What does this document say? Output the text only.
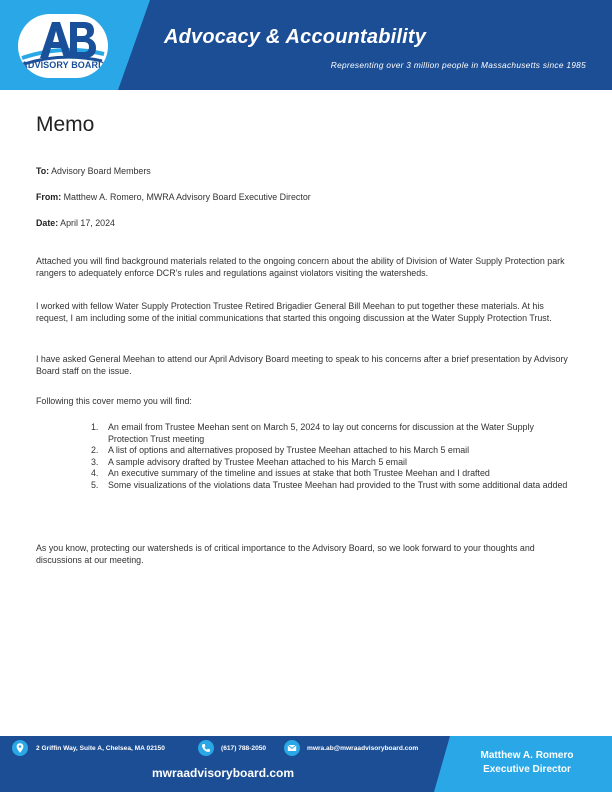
ADVISORY BOARD
Advocacy & Accountability
Representing over 3 million people in Massachusetts since 1985
Memo
To: Advisory Board Members
From: Matthew A. Romero, MWRA Advisory Board Executive Director
Date: April 17, 2024

Attached you will find background materials related to the ongoing concern about the ability of Division of Water Supply Protection park rangers to adequately enforce DCR’s rules and regulations against violators visiting the watersheds.

I worked with fellow Water Supply Protection Trustee Retired Brigadier General Bill Meehan to put together these materials. At his request, I am including some of the initial communications that started this ongoing discussion at the Water Supply Protection Trust.

I have asked General Meehan to attend our April Advisory Board meeting to speak to his concerns after a brief presentation by Advisory Board staff on the issue.

Following this cover memo you will find:

1. An email from Trustee Meehan sent on March 5, 2024 to lay out concerns for discussion at the Water Supply Protection Trust meeting
2. A list of options and alternatives proposed by Trustee Meehan attached to his March 5 email
3. A sample advisory drafted by Trustee Meehan attached to his March 5 email
4. An executive summary of the timeline and issues at stake that both Trustee Meehan and I drafted
5. Some visualizations of the violations data Trustee Meehan had provided to the Trust with some additional data added

As you know, protecting our watersheds is of critical importance to the Advisory Board, so we look forward to your thoughts and discussions at our meeting.

2 Griffin Way, Suite A, Chelsea, MA 02150	(617) 788-2050	mwra.ab@mwraadvisoryboard.com
mwraadvisoryboard.com
Matthew A. Romero
Executive Director
